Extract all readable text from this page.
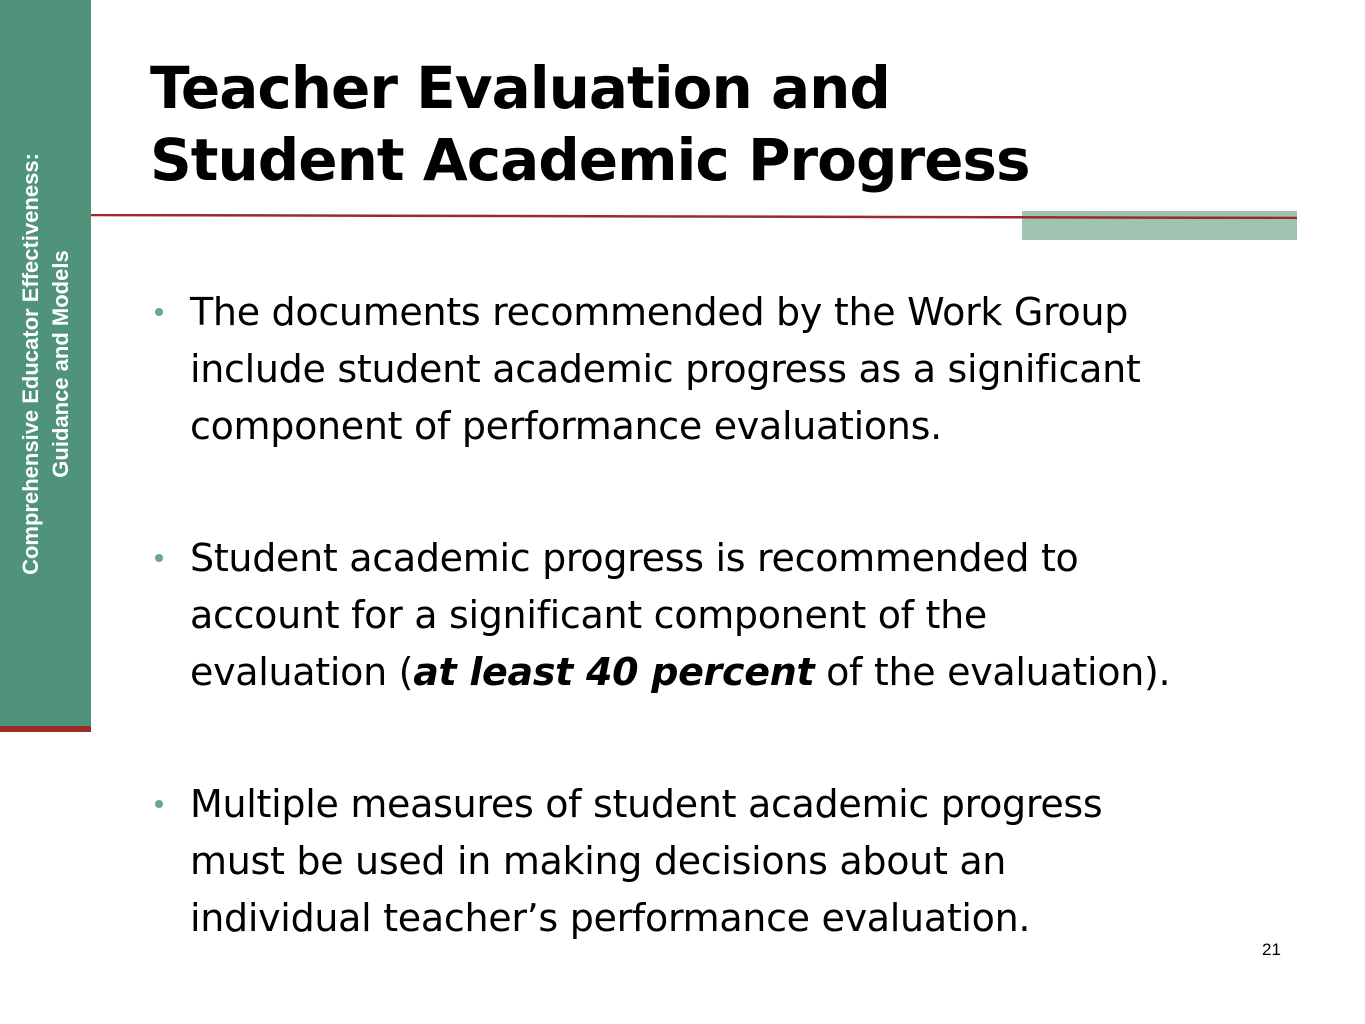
Comprehensive Educator Effectiveness: Guidance and Models
Teacher Evaluation and
Student Academic Progress
The documents recommended by the Work Group
include student academic progress as a significant
component of performance evaluations.
Student academic progress is recommended to
account for a significant component of the
evaluation (at least 40 percent of the evaluation).
Multiple measures of student academic progress
must be used in making decisions about an
individual teacher’s performance evaluation.
21
